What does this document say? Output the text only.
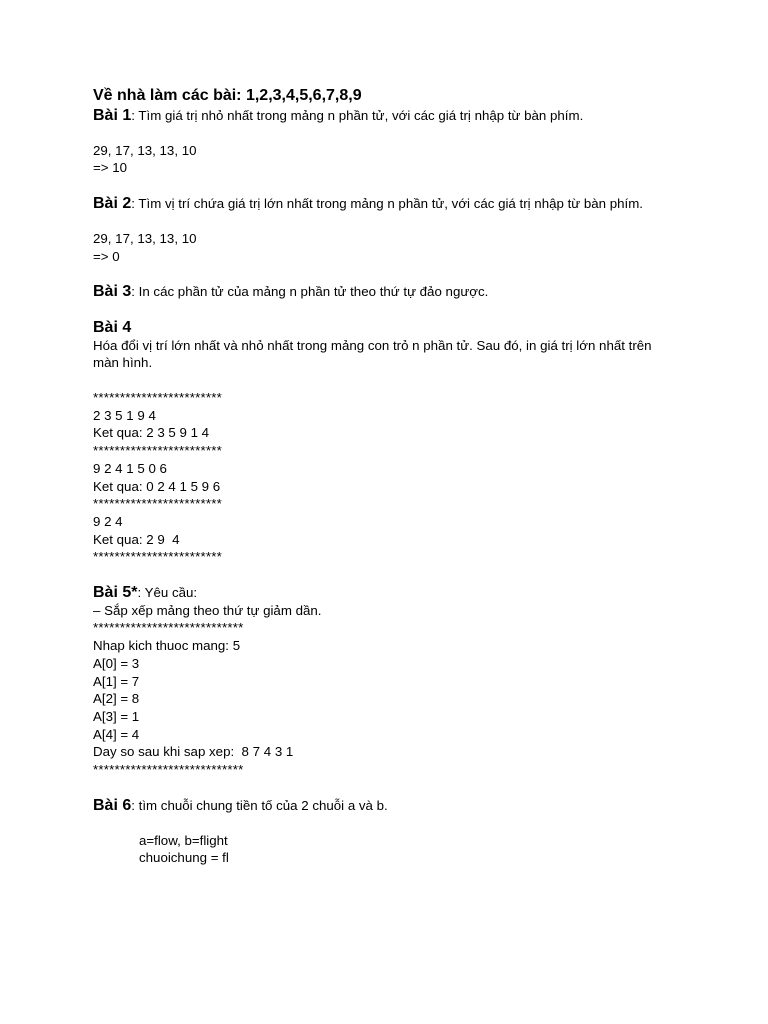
Về nhà làm các bài: 1,2,3,4,5,6,7,8,9

Bài 1: Tìm giá trị nhỏ nhất trong mảng n phần tử, với các giá trị nhập từ bàn phím.

29, 17, 13, 13, 10

=> 10

Bài 2: Tìm vị trí chứa giá trị lớn nhất trong mảng n phần tử, với các giá trị nhập từ bàn phím.

29, 17, 13, 13, 10

=> 0

Bài 3: In các phần tử của mảng n phần tử theo thứ tự đảo ngược.

Bài 4

Hóa đổi vị trí lớn nhất và nhỏ nhất trong mảng con trỏ n phần tử. Sau đó, in giá trị lớn nhất trên màn hình.

************************

2 3 5 1 9 4

Ket qua: 2 3 5 9 1 4

************************

9 2 4 1 5 0 6

Ket qua: 0 2 4 1 5 9 6

************************

9 2 4

Ket qua: 2 9  4

************************

Bài 5*: Yêu cầu:

– Sắp xếp mảng theo thứ tự giảm dần.

****************************

Nhap kich thuoc mang: 5

A[0] = 3

A[1] = 7

A[2] = 8

A[3] = 1

A[4] = 4

Day so sau khi sap xep:  8 7 4 3 1

****************************

Bài 6: tìm chuỗi chung tiền tố của 2 chuỗi a và b.

a=flow, b=flight

chuoichung = fl
